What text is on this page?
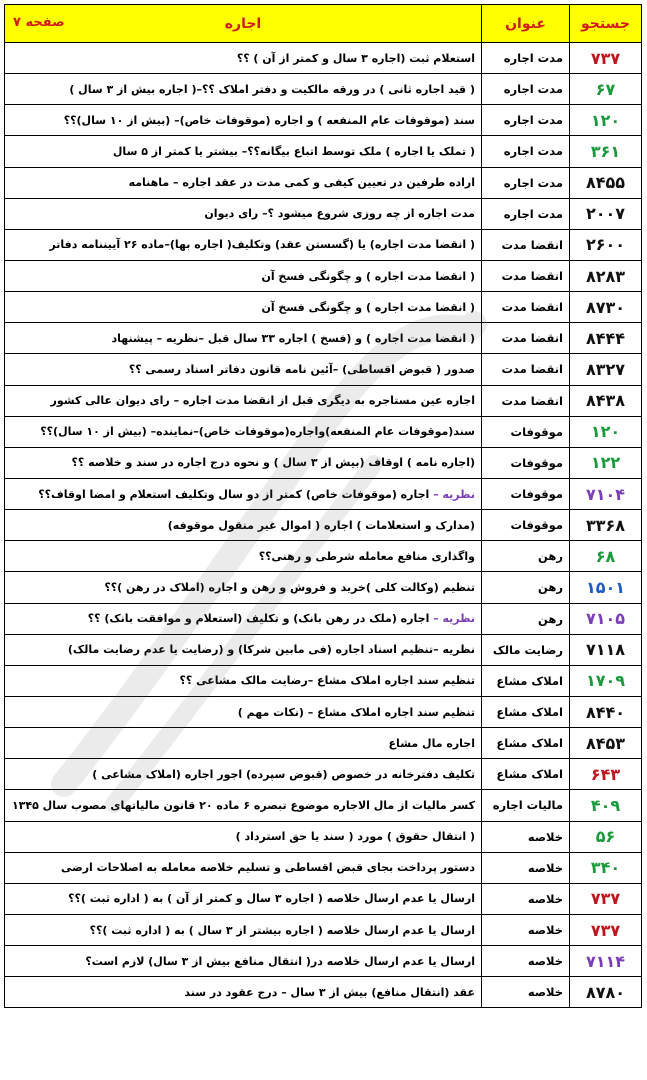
جستجو	عنوان	اجاره
صفحه ۷

۷۳۷	مدت اجاره	استعلام ثبت (اجاره ۳ سال و کمتر از آن ) ؟؟
۶۷	مدت اجاره	( قید اجاره ثانی ) در ورقه مالکیت و دفتر املاک ؟؟–( اجاره بیش از ۳ سال )
۱۲۰	مدت اجاره	سند (موقوفات عام المنفعه ) و اجاره (موقوفات خاص)– (بیش از ۱۰ سال)؟؟
۳۶۱	مدت اجاره	( تملک یا اجاره ) ملک توسط اتباع بیگانه؟؟– بیشتر یا کمتر از ۵ سال
۸۴۵۵	مدت اجاره	اراده طرفین در تعیین کیفی و کمی مدت در عقد اجاره – ماهنامه
۲۰۰۷	مدت اجاره	مدت اجاره از چه روزی شروع میشود ؟– رای دیوان
۲۶۰۰	انقضا مدت	( انقضا مدت اجاره) یا (گسستن عقد) وتکلیف( اجاره بها)–ماده ۲۶ آییننامه دفاتر
۸۲۸۳	انقضا مدت	( انقضا مدت اجاره ) و چگونگی فسخ آن
۸۷۳۰	انقضا مدت	( انقضا مدت اجاره ) و چگونگی فسخ آن
۸۴۴۴	انقضا مدت	( انقضا مدت اجاره ) و (فسخ ) اجاره ۳۳ سال قبل –نظریه – پیشنهاد
۸۳۲۷	انقضا مدت	صدور ( قبوض اقساطی) –آئین نامه قانون دفاتر اسناد رسمی ؟؟
۸۴۳۸	انقضا مدت	اجاره عین مستاجره به دیگری قبل از انقضا مدت اجاره – رای دیوان عالی کشور
۱۲۰	موقوفات	سند(موقوفات عام المنفعه)واجاره(موقوفات خاص)–نماینده– (بیش از ۱۰ سال)؟؟
۱۲۲	موقوفات	(اجاره نامه ) اوقاف (بیش از ۳ سال ) و نحوه درج اجاره در سند و خلاصه ؟؟
۷۱۰۴	موقوفات	نظریه – اجاره (موقوفات خاص) کمتر از دو سال وتکلیف استعلام و امضا اوقاف؟؟
۳۳۶۸	موقوفات	(مدارک و استعلامات ) اجاره ( اموال غیر منقول موقوفه)
۶۸	رهن	واگذاری منافع معامله شرطی و رهنی؟؟
۱۵۰۱	رهن	تنظیم (وکالت کلی )خرید و فروش و رهن و اجاره (املاک در رهن )؟؟
۷۱۰۵	رهن	نظریه – اجاره (ملک در رهن بانک) و تکلیف (استعلام و موافقت بانک) ؟؟
۷۱۱۸	رضایت مالک	نظریه –تنظیم اسناد اجاره (فی مابین شرکا) و (رضایت یا عدم رضایت مالک)
۱۷۰۹	املاک مشاع	تنظیم سند اجاره املاک مشاع –رضایت مالک مشاعی ؟؟
۸۴۴۰	املاک مشاع	تنظیم سند اجاره املاک مشاع – (نکات مهم )
۸۴۵۳	املاک مشاع	اجاره مال مشاع
۶۴۳	املاک مشاع	تکلیف دفترخانه در خصوص (قبوض سپرده) اجور اجاره (املاک مشاعی )
۴۰۹	مالیات اجاره	کسر مالیات از مال الاجاره موضوع تبصره ۶ ماده ۲۰ قانون مالیاتهای مصوب سال ۱۳۴۵
۵۶	خلاصه	( انتقال حقوق ) مورد ( سند یا حق استرداد )
۳۴۰	خلاصه	دستور پرداخت بجای قبض اقساطی و تسلیم خلاصه معامله به اصلاحات ارضی
۷۳۷	خلاصه	ارسال یا عدم ارسال خلاصه ( اجاره ۳ سال و کمتر از آن ) به ( اداره ثبت )؟؟
۷۳۷	خلاصه	ارسال یا عدم ارسال خلاصه ( اجاره بیشتر از ۳ سال ) به ( اداره ثبت )؟؟
۷۱۱۴	خلاصه	ارسال یا عدم ارسال خلاصه در( انتقال منافع بیش از ۳ سال) لازم است؟
۸۷۸۰	خلاصه	عقد (انتقال منافع) بیش از ۳ سال – درج عقود در سند
